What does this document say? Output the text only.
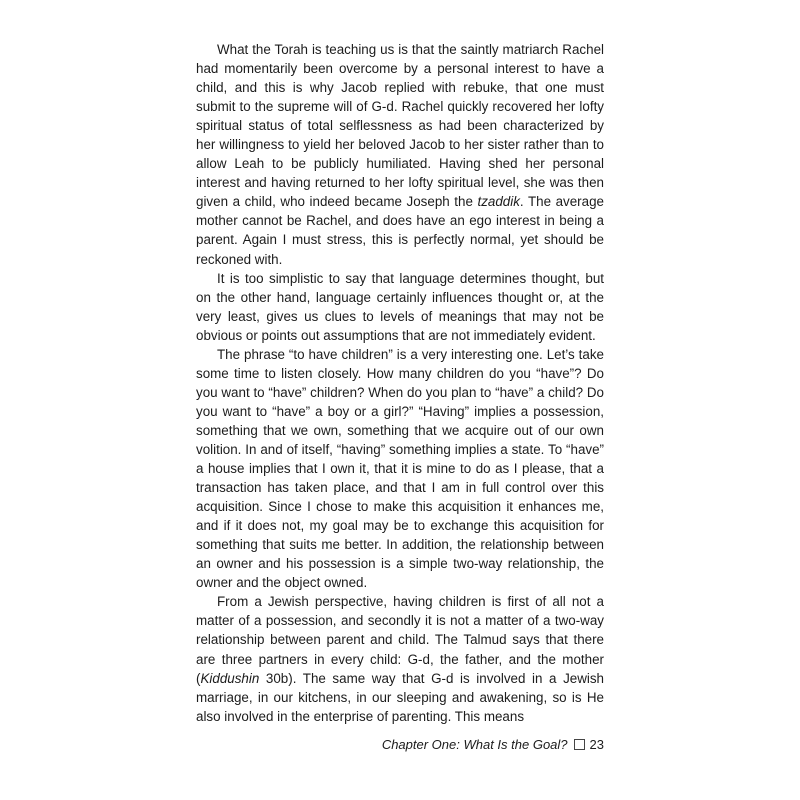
What the Torah is teaching us is that the saintly matriarch Rachel had momentarily been overcome by a personal interest to have a child, and this is why Jacob replied with rebuke, that one must submit to the supreme will of G-d. Rachel quickly recovered her lofty spiritual status of total selflessness as had been characterized by her willingness to yield her beloved Jacob to her sister rather than to allow Leah to be publicly humiliated. Having shed her personal interest and having returned to her lofty spiritual level, she was then given a child, who indeed became Joseph the tzaddik. The average mother cannot be Rachel, and does have an ego interest in being a parent. Again I must stress, this is perfectly normal, yet should be reckoned with.

It is too simplistic to say that language determines thought, but on the other hand, language certainly influences thought or, at the very least, gives us clues to levels of meanings that may not be obvious or points out assumptions that are not immediately evident.

The phrase “to have children” is a very interesting one. Let’s take some time to listen closely. How many children do you “have”? Do you want to “have” children? When do you plan to “have” a child? Do you want to “have” a boy or a girl?” “Having” implies a possession, something that we own, something that we acquire out of our own volition. In and of itself, “having” something implies a state. To “have” a house implies that I own it, that it is mine to do as I please, that a transaction has taken place, and that I am in full control over this acquisition. Since I chose to make this acquisition it enhances me, and if it does not, my goal may be to exchange this acquisition for something that suits me better. In addition, the relationship between an owner and his possession is a simple two-way relationship, the owner and the object owned.

From a Jewish perspective, having children is first of all not a matter of a possession, and secondly it is not a matter of a two-way relationship between parent and child. The Talmud says that there are three partners in every child: G-d, the father, and the mother (Kiddushin 30b). The same way that G-d is involved in a Jewish marriage, in our kitchens, in our sleeping and awakening, so is He also involved in the enterprise of parenting. This means

Chapter One: What Is the Goal? 23
